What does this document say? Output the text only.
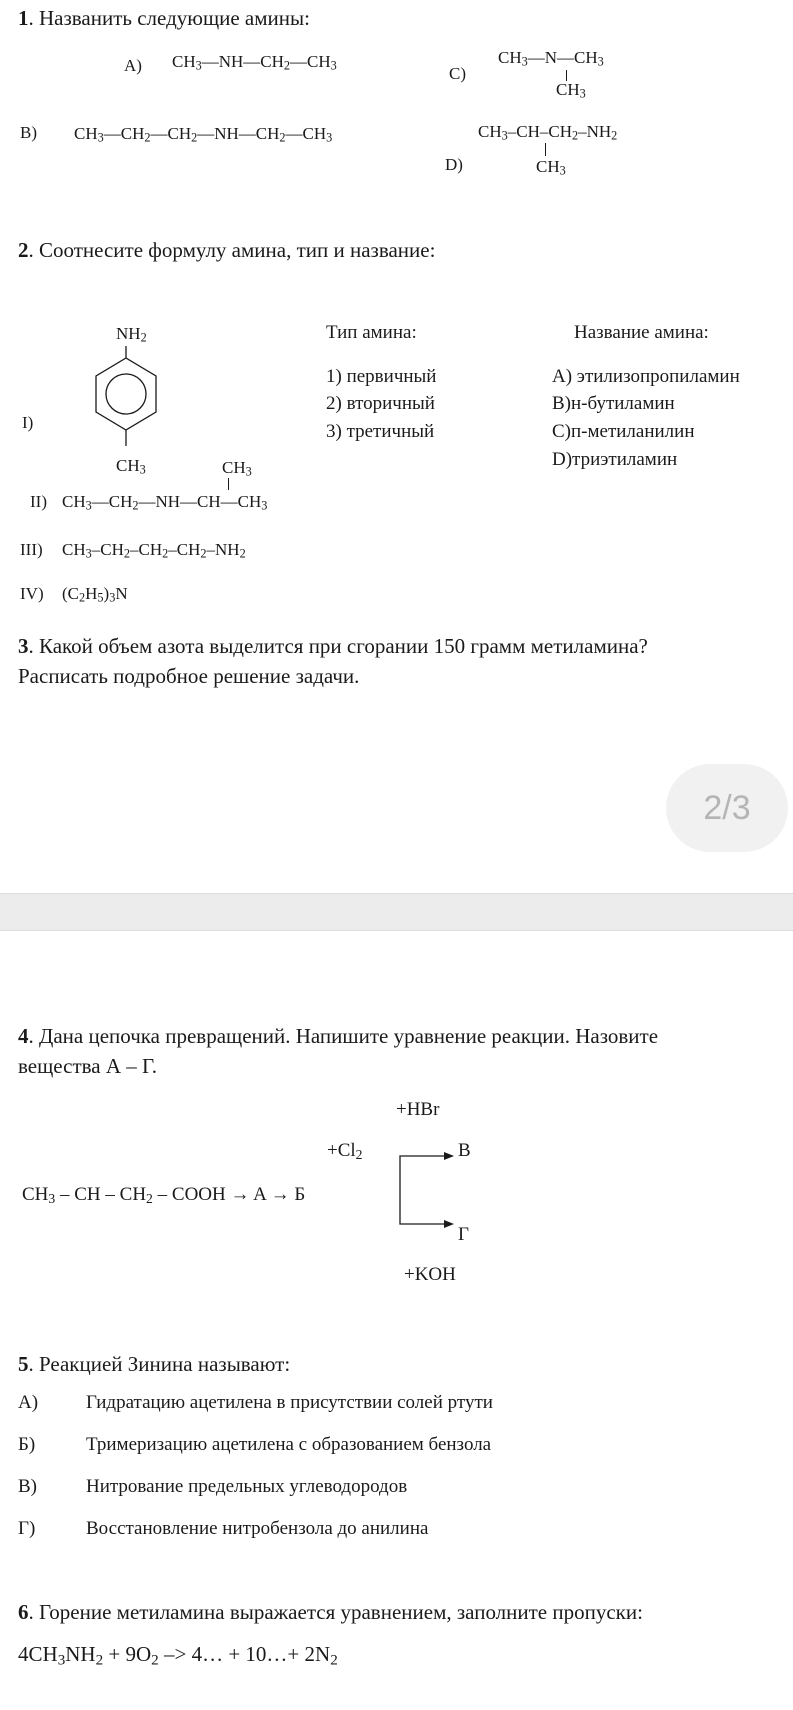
1. Названить следующие амины:
A) $CH_3—NH—CH_2—CH_3$	C)
$CH_3—N—CH_3$
$CH_3$
B) $CH_3—CH_2—CH_2—NH—CH_2—CH_3$	$CH_3-CH-CH_2-NH_2$
D)	$CH_3$
2. Соотнесите формулу амина, тип и название:
$NH_2$
I)
$CH_3$	$CH_3$
II) $CH_3—CH_2—NH—CH—CH_3$
III) $CH_3-CH_2-CH_2-CH_2-NH_2$
IV) $(C_2H_5)_3N$
Тип амина:
1) первичный
2) вторичный
3) третичный
Название амина:
A) этилизопропиламин
B)н-бутиламин
C)п-метиланилин
D)триэтиламин
3. Какой объем азота выделится при сгорании 150 грамм метиламина?
Расписать подробное решение задачи.
2/3
4. Дана цепочка превращений. Напишите уравнение реакции. Назовите
вещества А – Г.
+HBr
$+Cl_2$	B
$CH_3$ – CH – $CH_2$ – COOH → A → Б
Г
+KOH
5. Реакцией Зинина называют:
А)	Гидратацию ацетилена в присутствии солей ртути
Б)	Тримеризацию ацетилена с образованием бензола
В)	Нитрование предельных углеводородов
Г)	Восстановление нитробензола до анилина
6. Горение метиламина выражается уравнением, заполните пропуски:
$4CH_3NH_2 + 9O_2$ –> 4… + 10…+ $2N_2$
